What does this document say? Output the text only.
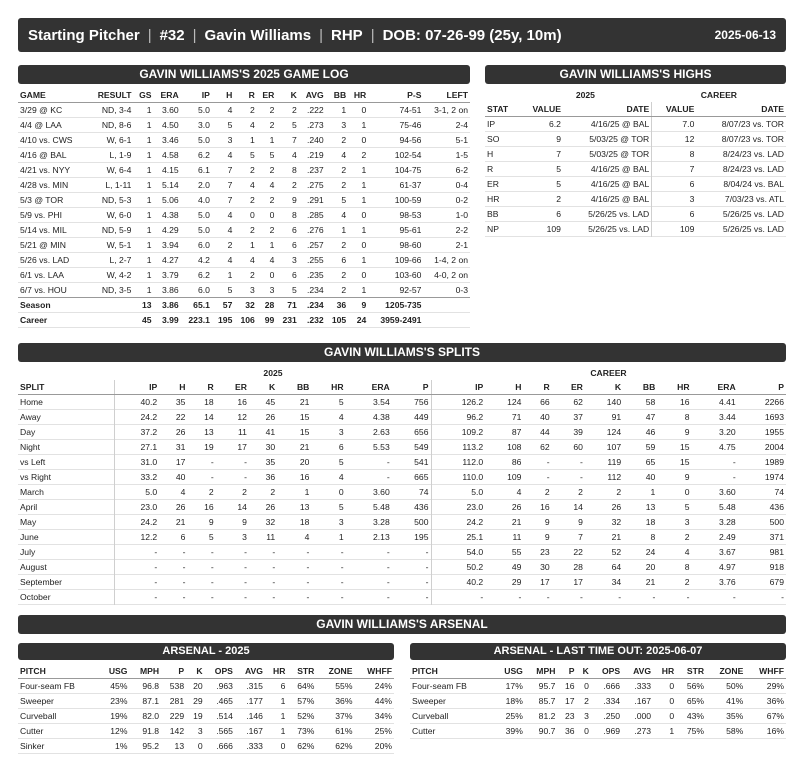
Starting Pitcher | #32 | Gavin Williams | RHP | DOB: 07-26-99 (25y, 10m)	2025-06-13
GAVIN WILLIAMS'S 2025 GAME LOG
GAME	RESULT	GS	ERA	IP	H	R	ER	K	AVG	BB	HR	P-S	LEFT
3/29 @ KC	ND, 3-4	1	3.60	5.0	4	2	2	2	.222	1	0	74-51	3-1, 2 on
4/4 @ LAA	ND, 8-6	1	4.50	3.0	5	4	2	5	.273	3	1	75-46	2-4
4/10 vs. CWS	W, 6-1	1	3.46	5.0	3	1	1	7	.240	2	0	94-56	5-1
4/16 @ BAL	L, 1-9	1	4.58	6.2	4	5	5	4	.219	4	2	102-54	1-5
4/21 vs. NYY	W, 6-4	1	4.15	6.1	7	2	2	8	.237	2	1	104-75	6-2
4/28 vs. MIN	L, 1-11	1	5.14	2.0	7	4	4	2	.275	2	1	61-37	0-4
5/3 @ TOR	ND, 5-3	1	5.06	4.0	7	2	2	9	.291	5	1	100-59	0-2
5/9 vs. PHI	W, 6-0	1	4.38	5.0	4	0	0	8	.285	4	0	98-53	1-0
5/14 vs. MIL	ND, 5-9	1	4.29	5.0	4	2	2	6	.276	1	1	95-61	2-2
5/21 @ MIN	W, 5-1	1	3.94	6.0	2	1	1	6	.257	2	0	98-60	2-1
5/26 vs. LAD	L, 2-7	1	4.27	4.2	4	4	4	3	.255	6	1	109-66	1-4, 2 on
6/1 vs. LAA	W, 4-2	1	3.79	6.2	1	2	0	6	.235	2	0	103-60	4-0, 2 on
6/7 vs. HOU	ND, 3-5	1	3.86	6.0	5	3	3	5	.234	2	1	92-57	0-3
Season		13	3.86	65.1	57	32	28	71	.234	36	9	1205-735	
Career		45	3.99	223.1	195	106	99	231	.232	105	24	3959-2491	
GAVIN WILLIAMS'S HIGHS
	2025		CAREER	
STAT	VALUE	DATE	VALUE	DATE
IP	6.2	4/16/25 @ BAL	7.0	8/07/23 vs. TOR
SO	9	5/03/25 @ TOR	12	8/07/23 vs. TOR
H	7	5/03/25 @ TOR	8	8/24/23 vs. LAD
R	5	4/16/25 @ BAL	7	8/24/23 vs. LAD
ER	5	4/16/25 @ BAL	6	8/04/24 vs. BAL
HR	2	4/16/25 @ BAL	3	7/03/23 vs. ATL
BB	6	5/26/25 vs. LAD	6	5/26/25 vs. LAD
NP	109	5/26/25 vs. LAD	109	5/26/25 vs. LAD
GAVIN WILLIAMS'S SPLITS
	2025									CAREER								
SPLIT	IP	H	R	ER	K	BB	HR	ERA	P	IP	H	R	ER	K	BB	HR	ERA	P
Home	40.2	35	18	16	45	21	5	3.54	756	126.2	124	66	62	140	58	16	4.41	2266
Away	24.2	22	14	12	26	15	4	4.38	449	96.2	71	40	37	91	47	8	3.44	1693
Day	37.2	26	13	11	41	15	3	2.63	656	109.2	87	44	39	124	46	9	3.20	1955
Night	27.1	31	19	17	30	21	6	5.53	549	113.2	108	62	60	107	59	15	4.75	2004
vs Left	31.0	17	-	-	35	20	5	-	541	112.0	86	-	-	119	65	15	-	1989
vs Right	33.2	40	-	-	36	16	4	-	665	110.0	109	-	-	112	40	9	-	1974
March	5.0	4	2	2	2	1	0	3.60	74	5.0	4	2	2	2	1	0	3.60	74
April	23.0	26	16	14	26	13	5	5.48	436	23.0	26	16	14	26	13	5	5.48	436
May	24.2	21	9	9	32	18	3	3.28	500	24.2	21	9	9	32	18	3	3.28	500
June	12.2	6	5	3	11	4	1	2.13	195	25.1	11	9	7	21	8	2	2.49	371
July	-	-	-	-	-	-	-	-	-	54.0	55	23	22	52	24	4	3.67	981
August	-	-	-	-	-	-	-	-	-	50.2	49	30	28	64	20	8	4.97	918
September	-	-	-	-	-	-	-	-	-	40.2	29	17	17	34	21	2	3.76	679
October	-	-	-	-	-	-	-	-	-	-	-	-	-	-	-	-	-	-
GAVIN WILLIAMS'S ARSENAL
ARSENAL - 2025
PITCH	USG	MPH	P	K	OPS	AVG	HR	STR	ZONE	WHFF
Four-seam FB	45%	96.8	538	20	.963	.315	6	64%	55%	24%
Sweeper	23%	87.1	281	29	.465	.177	1	57%	36%	44%
Curveball	19%	82.0	229	19	.514	.146	1	52%	37%	34%
Cutter	12%	91.8	142	3	.565	.167	1	73%	61%	25%
Sinker	1%	95.2	13	0	.666	.333	0	62%	62%	20%
ARSENAL - LAST TIME OUT: 2025-06-07
PITCH	USG	MPH	P	K	OPS	AVG	HR	STR	ZONE	WHFF
Four-seam FB	17%	95.7	16	0	.666	.333	0	56%	50%	29%
Sweeper	18%	85.7	17	2	.334	.167	0	65%	41%	36%
Curveball	25%	81.2	23	3	.250	.000	0	43%	35%	67%
Cutter	39%	90.7	36	0	.969	.273	1	75%	58%	16%
